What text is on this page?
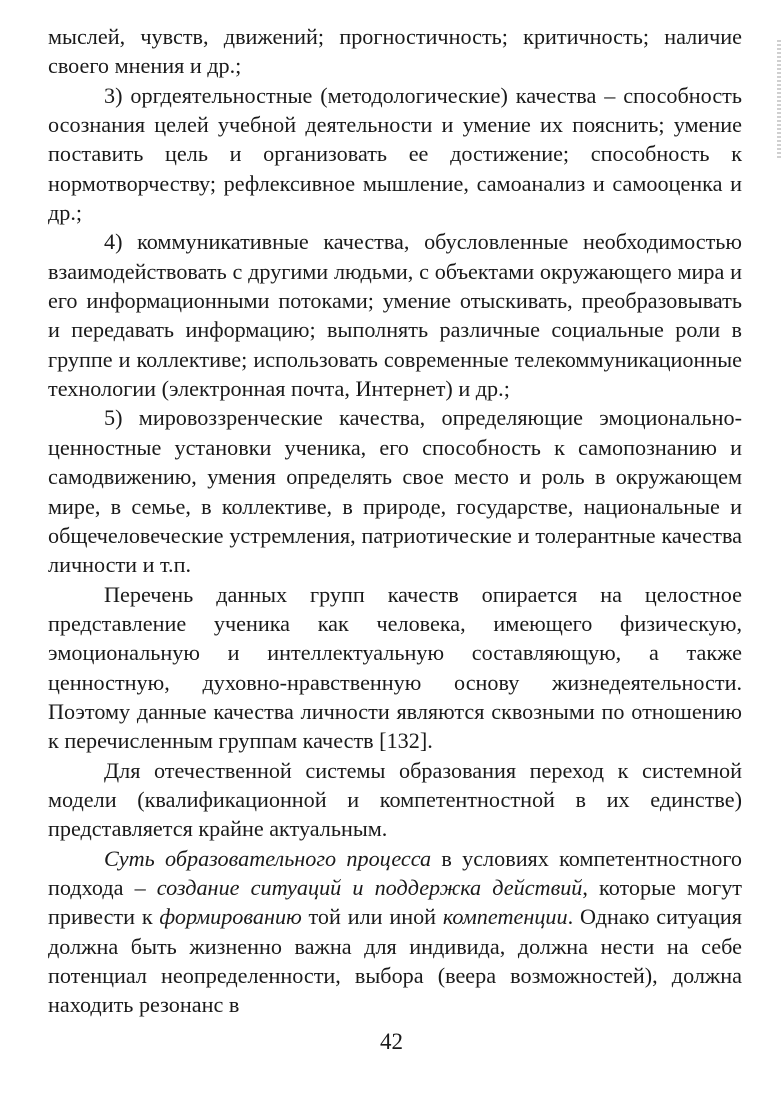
мыслей, чувств, движений; прогностичность; критичность; наличие своего мнения и др.;

3) оргдеятельностные (методологические) качества – способность осознания целей учебной деятельности и умение их пояснить; умение поставить цель и организовать ее достижение; способность к нормотворчеству; рефлексивное мышление, самоанализ и самооценка и др.;

4) коммуникативные качества, обусловленные необходимостью взаимодействовать с другими людьми, с объектами окружающего мира и его информационными потоками; умение отыскивать, преобразовывать и передавать информацию; выполнять различные социальные роли в группе и коллективе; использовать современные телекоммуникационные технологии (электронная почта, Интернет) и др.;

5) мировоззренческие качества, определяющие эмоционально-ценностные установки ученика, его способность к самопознанию и самодвижению, умения определять свое место и роль в окружающем мире, в семье, в коллективе, в природе, государстве, национальные и общечеловеческие устремления, патриотические и толерантные качества личности и т.п.

Перечень данных групп качеств опирается на целостное представление ученика как человека, имеющего физическую, эмоциональную и интеллектуальную составляющую, а также ценностную, духовно-нравственную основу жизнедеятельности. Поэтому данные качества личности являются сквозными по отношению к перечисленным группам качеств [132].

Для отечественной системы образования переход к системной модели (квалификационной и компетентностной в их единстве) представляется крайне актуальным.

Суть образовательного процесса в условиях компетентностного подхода – создание ситуаций и поддержка действий, которые могут привести к формированию той или иной компетенции. Однако ситуация должна быть жизненно важна для индивида, должна нести на себе потенциал неопределенности, выбора (веера возможностей), должна находить резонанс в

42
